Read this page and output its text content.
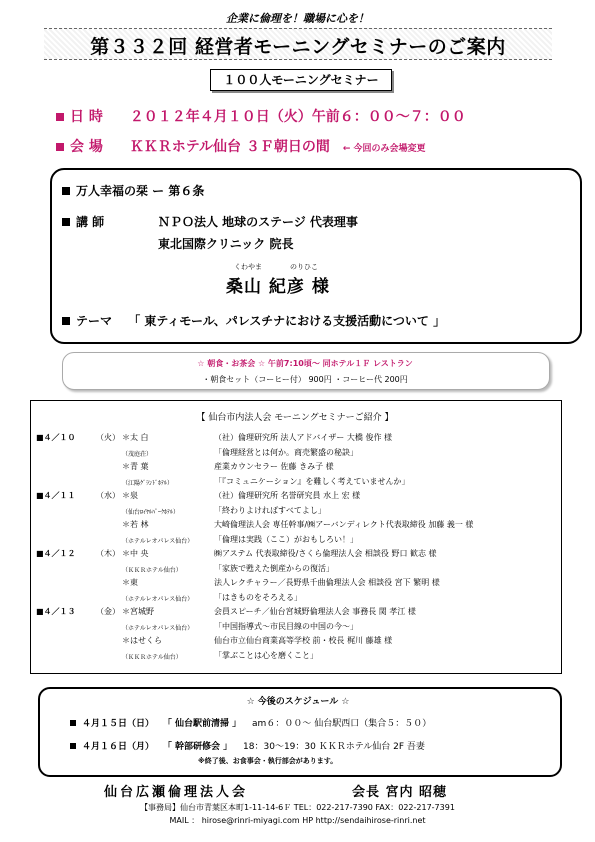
企業に倫理を！職場に心を！
第３３２回 経営者モーニングセミナーのご案内
１００人モーニングセミナー
日 時 ２０１２年４月１０日（火）午前６：００～７：００
会 場 ＫＫＲホテル仙台 ３Ｆ朝日の間 ← 今回のみ会場変更
万人幸福の栞 ー 第６条
講 師	ＮＰＯ法人 地球のステージ 代表理事
東北国際クリニック 院長
くわやま	のりひこ
桑山 紀彦 様
テーマ 「 東ティモール、パレスチナにおける支援活動について 」
☆ 朝食・お茶会 ☆ 午前7:10頃～ 同ホテル１Ｆ レストラン
・朝食セット（コーヒー付） 900円 ・コーヒー代 200円
【 仙台市内法人会 モーニングセミナーご紹介 】
■４／１０	（火） ＊太 白	（社）倫理研究所 法人アドバイザー 大橋 俊作 様
（茂庭荘）	「倫理経営とは何か。商売繁盛の秘訣」
＊青 葉	産業カウンセラー 佐藤 きみ子 様
（江陽ｸﾞﾗﾝﾄﾞﾎﾃﾙ）	「『コミュニケーション』を難しく考えていませんか」
■４／１１	（水） ＊泉	（社）倫理研究所 名誉研究員 水上 宏 様
（仙台ﾛｲﾔﾙﾊﾟｰｸﾎﾃﾙ）	「終わりよければすべてよし」
＊若 林	大崎倫理法人会 専任幹事/㈱アーバンディレクト代表取締役 加藤 義一 様
（ホテルレオパレス仙台）	「倫理は実践（ここ）がおもしろい！」
■４／１２	（木） ＊中 央	㈱アステム 代表取締役/さくら倫理法人会 相談役 野口 歓志 様
（ＫＫＲホテル仙台）	「家族で甦えた倒産からの復活」
＊東	法人レクチャラー／長野県千曲倫理法人会 相談役 宮下 繁明 様
（ホテルレオパレス仙台）	「はきものをそろえる」
■４／１３	（金） ＊宮城野	会員スピーチ／仙台宮城野倫理法人会 事務長 関 孝江 様
（ホテルレオパレス仙台）	「中国指導式～市民目線の中国の今～」
＊はせくら	仙台市立仙台商業高等学校 前・校長 梶川 藤雄 様
（ＫＫＲホテル仙台）	「掌ぶことは心を磨くこと」
☆ 今後のスケジュール ☆
４月１５日（日） 「 仙台駅前清掃 」 am６：００～ 仙台駅西口（集合５：５０）
４月１６日（月） 「 幹部研修会 」 18：30～19：30 ＫＫＲホテル仙台 2F 吾妻
※終了後、お食事会・執行部会があります。
仙台広瀬倫理法人会	会長 宮内 昭穂
【事務局】仙台市青葉区本町1-11-14-6Ｆ TEL：022-217-7390 FAX：022-217-7391
MAIL ： hirose@rinri-miyagi.com HP http://sendaihirose-rinri.net
